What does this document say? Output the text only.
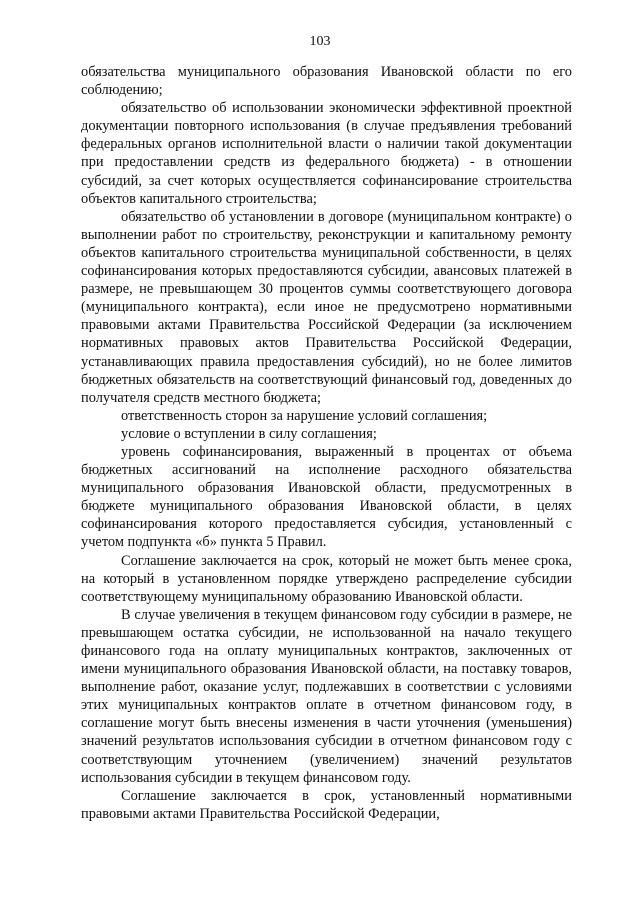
103

обязательства муниципального образования Ивановской области по его соблюдению;

обязательство об использовании экономически эффективной проектной документации повторного использования (в случае предъявления требований федеральных органов исполнительной власти о наличии такой документации при предоставлении средств из федерального бюджета) - в отношении субсидий, за счет которых осуществляется софинансирование строительства объектов капитального строительства;

обязательство об установлении в договоре (муниципальном контракте) о выполнении работ по строительству, реконструкции и капитальному ремонту объектов капитального строительства муниципальной собственности, в целях софинансирования которых предоставляются субсидии, авансовых платежей в размере, не превышающем 30 процентов суммы соответствующего договора (муниципального контракта), если иное не предусмотрено нормативными правовыми актами Правительства Российской Федерации (за исключением нормативных правовых актов Правительства Российской Федерации, устанавливающих правила предоставления субсидий), но не более лимитов бюджетных обязательств на соответствующий финансовый год, доведенных до получателя средств местного бюджета;

ответственность сторон за нарушение условий соглашения;

условие о вступлении в силу соглашения;

уровень софинансирования, выраженный в процентах от объема бюджетных ассигнований на исполнение расходного обязательства муниципального образования Ивановской области, предусмотренных в бюджете муниципального образования Ивановской области, в целях софинансирования которого предоставляется субсидия, установленный с учетом подпункта «б» пункта 5 Правил.

Соглашение заключается на срок, который не может быть менее срока, на который в установленном порядке утверждено распределение субсидии соответствующему муниципальному образованию Ивановской области.

В случае увеличения в текущем финансовом году субсидии в размере, не превышающем остатка субсидии, не использованной на начало текущего финансового года на оплату муниципальных контрактов, заключенных от имени муниципального образования Ивановской области, на поставку товаров, выполнение работ, оказание услуг, подлежавших в соответствии с условиями этих муниципальных контрактов оплате в отчетном финансовом году, в соглашение могут быть внесены изменения в части уточнения (уменьшения) значений результатов использования субсидии в отчетном финансовом году с соответствующим уточнением (увеличением) значений результатов использования субсидии в текущем финансовом году.

Соглашение заключается в срок, установленный нормативными правовыми актами Правительства Российской Федерации,
